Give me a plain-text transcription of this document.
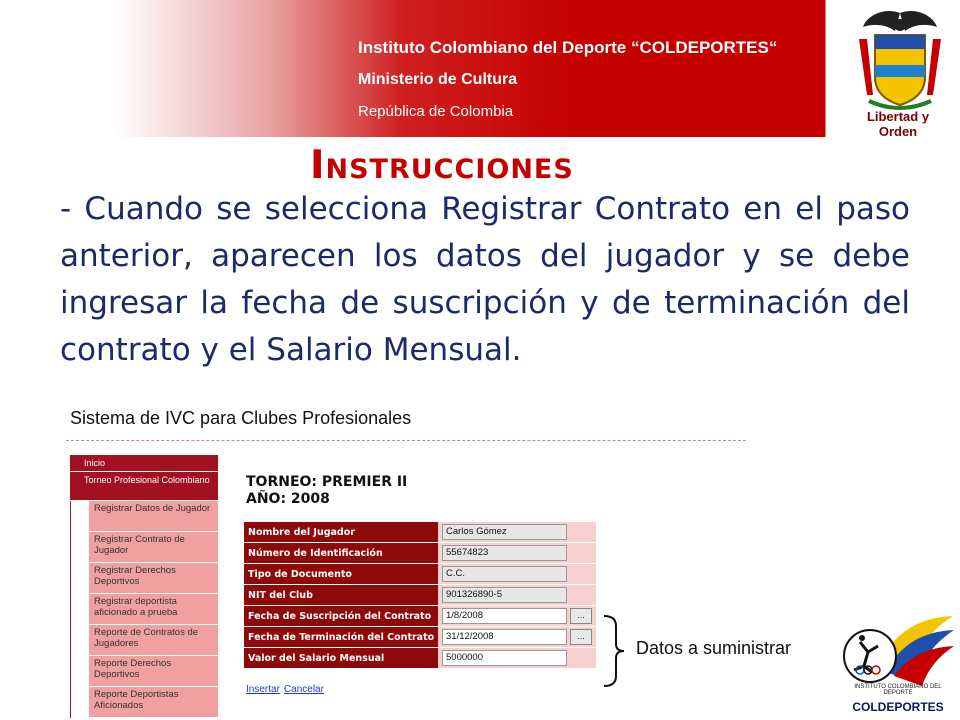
Instituto Colombiano del Deporte “COLDEPORTES“
Ministerio de Cultura
República de Colombia	Libertad y Orden
Instrucciones
- Cuando se selecciona Registrar Contrato en el paso anterior, aparecen los datos del jugador y se debe ingresar la fecha de suscripción y de terminación del contrato y el Salario Mensual.
Sistema de IVC para Clubes Profesionales
Inicio
Torneo Profesional Colombiano
Registrar Datos de Jugador
Registrar Contrato de Jugador
Registrar Derechos Deportivos
Registrar deportista aficionado a prueba
Reporte de Contratos de Jugadores
Reporte Derechos Deportivos
Reporte Deportistas Aficionados
TORNEO: PREMIER II
AÑO: 2008
Nombre del Jugador	Carlos Gómez
Número de Identificación	55674823
Tipo de Documento	C.C.
NIT del Club	901326890-5
Fecha de Suscripción del Contrato	1/8/2008 ...
Fecha de Terminación del Contrato	31/12/2008 ...
Valor del Salario Mensual	5000000
Insertar Cancelar
Datos a suministrar
INSTITUTO COLOMBIANO DEL DEPORTE
COLDEPORTES
